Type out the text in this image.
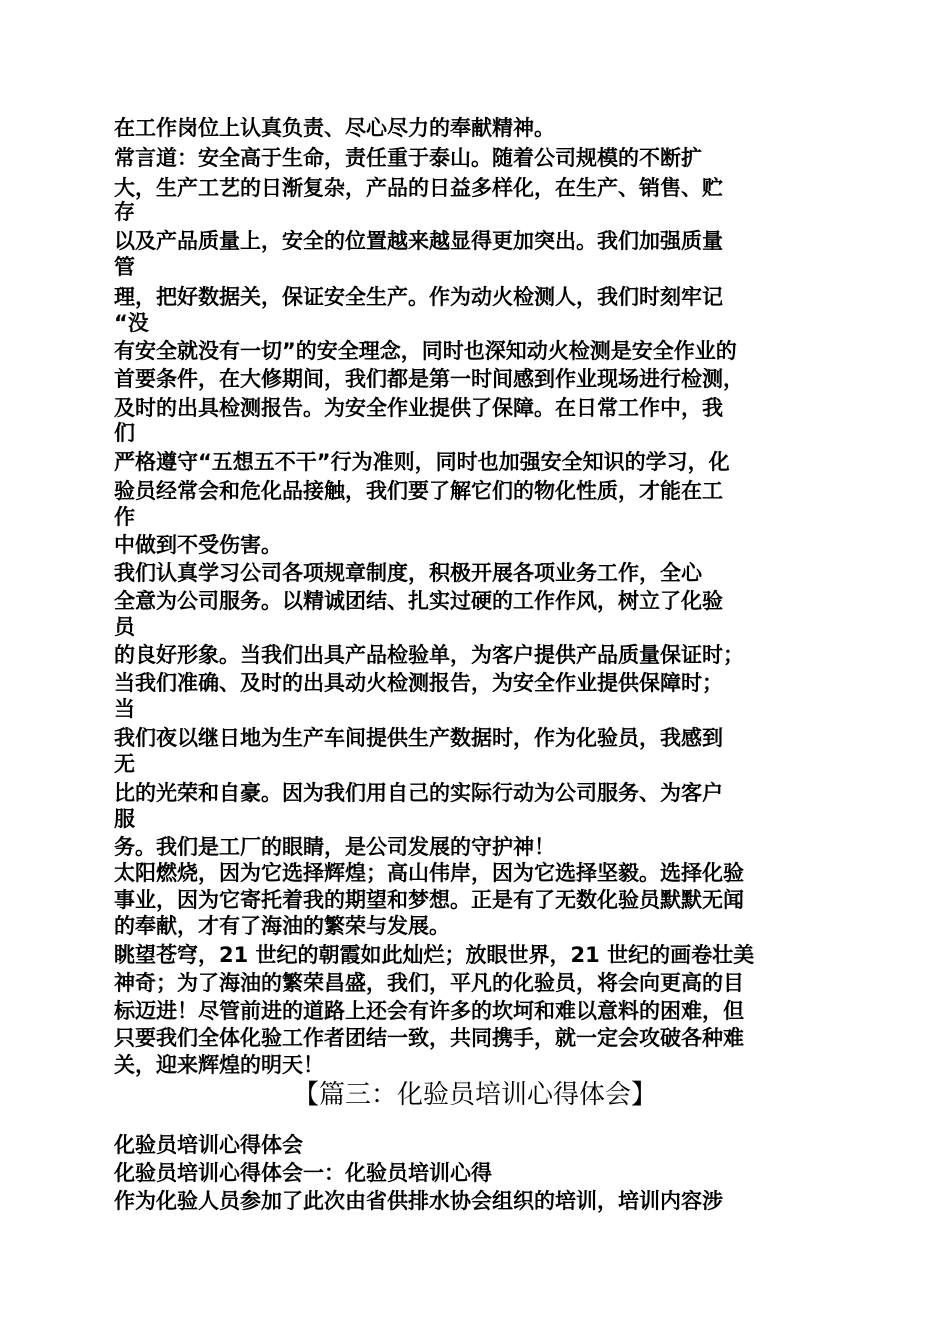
在工作岗位上认真负责、尽心尽力的奉献精神。
常言道：安全高于生命，责任重于泰山。随着公司规模的不断扩
大，生产工艺的日渐复杂，产品的日益多样化，在生产、销售、贮
存
以及产品质量上，安全的位置越来越显得更加突出。我们加强质量
管
理，把好数据关，保证安全生产。作为动火检测人，我们时刻牢记
“没
有安全就没有一切”的安全理念，同时也深知动火检测是安全作业的
首要条件，在大修期间，我们都是第一时间感到作业现场进行检测，
及时的出具检测报告。为安全作业提供了保障。在日常工作中，我
们
严格遵守“五想五不干”行为准则，同时也加强安全知识的学习，化
验员经常会和危化品接触，我们要了解它们的物化性质，才能在工
作
中做到不受伤害。
我们认真学习公司各项规章制度，积极开展各项业务工作，全心
全意为公司服务。以精诚团结、扎实过硬的工作作风，树立了化验
员
的良好形象。当我们出具产品检验单，为客户提供产品质量保证时；
当我们准确、及时的出具动火检测报告，为安全作业提供保障时；
当
我们夜以继日地为生产车间提供生产数据时，作为化验员，我感到
无
比的光荣和自豪。因为我们用自己的实际行动为公司服务、为客户
服
务。我们是工厂的眼睛，是公司发展的守护神！
太阳燃烧，因为它选择辉煌；高山伟岸，因为它选择坚毅。选择化验
事业，因为它寄托着我的期望和梦想。正是有了无数化验员默默无闻
的奉献，才有了海油的繁荣与发展。
眺望苍穹，21 世纪的朝霞如此灿烂；放眼世界，21 世纪的画卷壮美
神奇；为了海油的繁荣昌盛，我们，平凡的化验员，将会向更高的目
标迈进！尽管前进的道路上还会有许多的坎坷和难以意料的困难，但
只要我们全体化验工作者团结一致，共同携手，就一定会攻破各种难
关，迎来辉煌的明天！
【篇三：化验员培训心得体会】
化验员培训心得体会
化验员培训心得体会一：化验员培训心得
作为化验人员参加了此次由省供排水协会组织的培训，培训内容涉
